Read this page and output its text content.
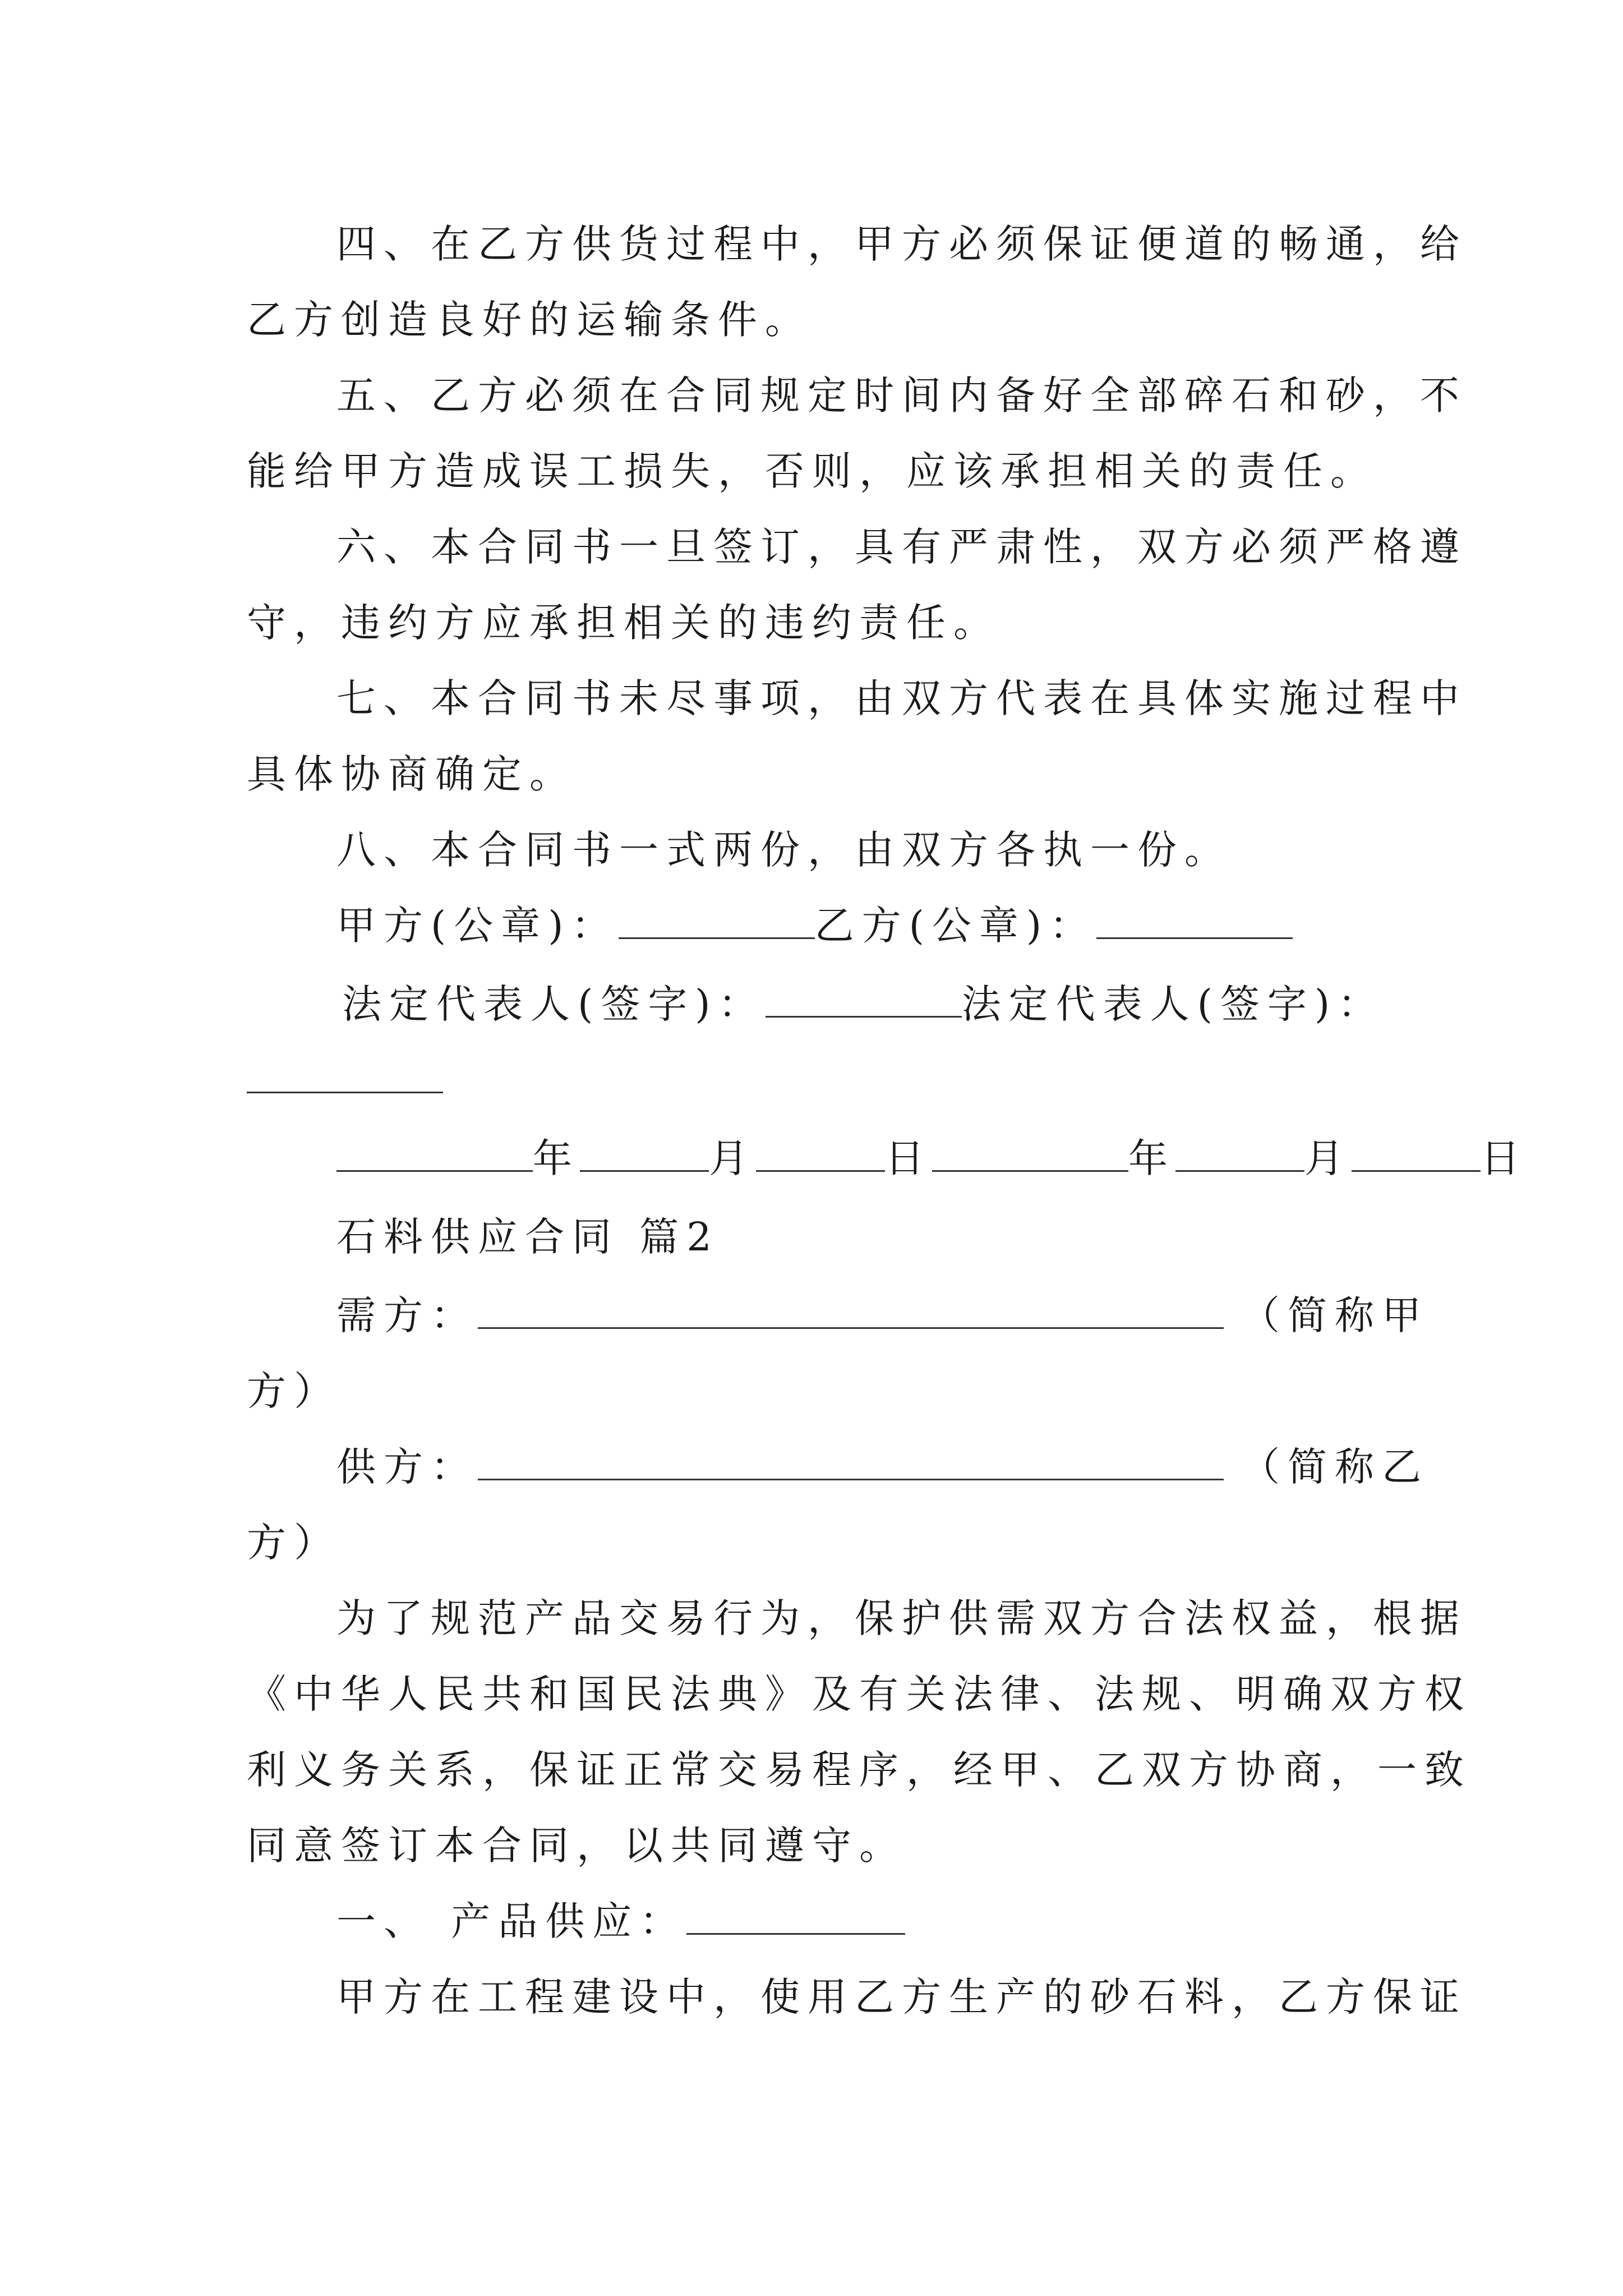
四、在乙方供货过程中，甲方必须保证便道的畅通，给
乙方创造良好的运输条件。
五、乙方必须在合同规定时间内备好全部碎石和砂，不
能给甲方造成误工损失，否则，应该承担相关的责任。
六、本合同书一旦签订，具有严肃性，双方必须严格遵
守，违约方应承担相关的违约责任。
七、本合同书未尽事项，由双方代表在具体实施过程中
具体协商确定。
八、本合同书一式两份，由双方各执一份。
甲方(公章)：	乙方(公章)：
法定代表人(签字)：	法定代表人(签字)：
年	月	日	年	月	日
石料供应合同 篇2
需方：	（简称甲
方）
供方：	（简称乙
方）
为了规范产品交易行为，保护供需双方合法权益，根据
《中华人民共和国民法典》及有关法律、法规、明确双方权
利义务关系，保证正常交易程序，经甲、乙双方协商，一致
同意签订本合同，以共同遵守。
一、 产品供应：
甲方在工程建设中，使用乙方生产的砂石料，乙方保证
